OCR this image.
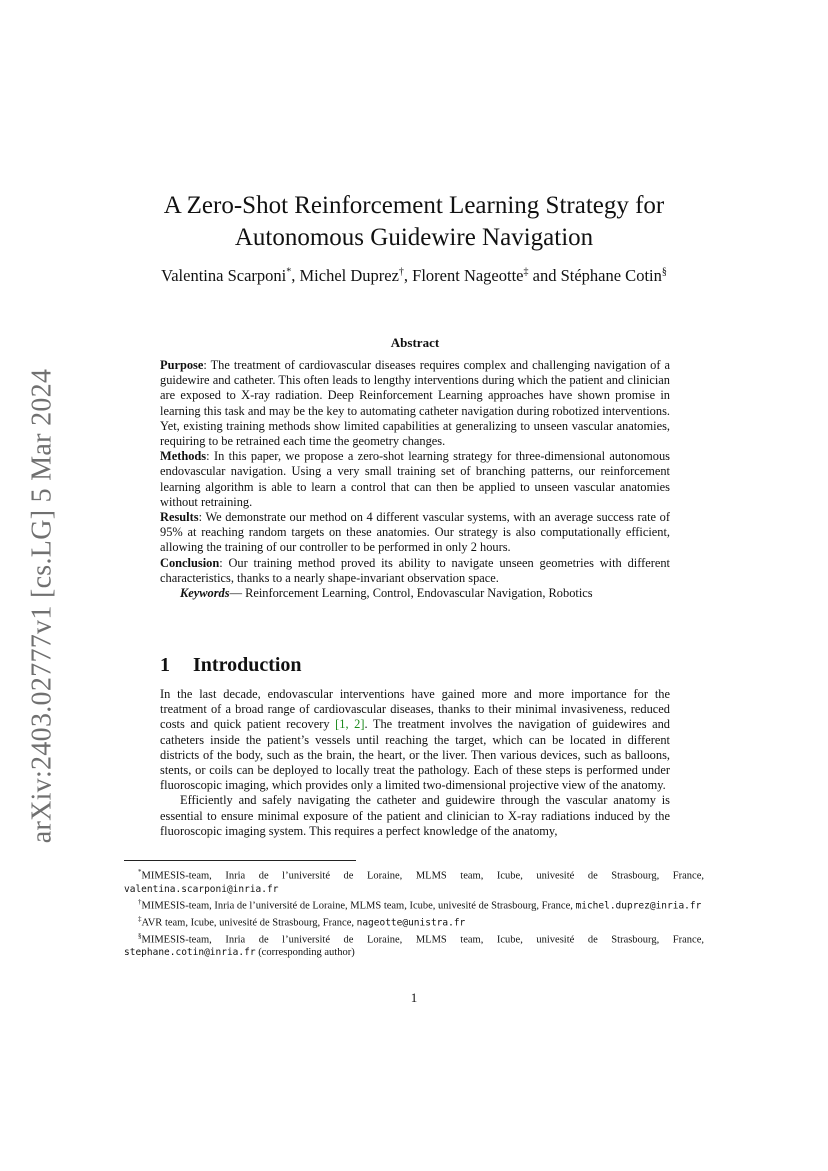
arXiv:2403.02777v1 [cs.LG] 5 Mar 2024
A Zero-Shot Reinforcement Learning Strategy for
Autonomous Guidewire Navigation
Valentina Scarponi*, Michel Duprez†, Florent Nageotte‡ and Stéphane Cotin§
Abstract

Purpose: The treatment of cardiovascular diseases requires complex and challenging navigation of a guidewire and catheter. This often leads to lengthy interventions during which the patient and clinician are exposed to X-ray radiation. Deep Reinforcement Learning approaches have shown promise in learning this task and may be the key to automating catheter navigation during robotized interventions. Yet, existing training methods show limited capabilities at generalizing to unseen vascular anatomies, requiring to be retrained each time the geometry changes.

Methods: In this paper, we propose a zero-shot learning strategy for three-dimensional autonomous endovascular navigation. Using a very small training set of branching patterns, our reinforcement learning algorithm is able to learn a control that can then be applied to unseen vascular anatomies without retraining.

Results: We demonstrate our method on 4 different vascular systems, with an average success rate of 95% at reaching random targets on these anatomies. Our strategy is also computationally efficient, allowing the training of our controller to be performed in only 2 hours.

Conclusion: Our training method proved its ability to navigate unseen geometries with different characteristics, thanks to a nearly shape-invariant observation space.

Keywords— Reinforcement Learning, Control, Endovascular Navigation, Robotics

1 Introduction

In the last decade, endovascular interventions have gained more and more importance for the treatment of a broad range of cardiovascular diseases, thanks to their minimal invasiveness, reduced costs and quick patient recovery [1, 2]. The treatment involves the navigation of guidewires and catheters inside the patient’s vessels until reaching the target, which can be located in different districts of the body, such as the brain, the heart, or the liver. Then various devices, such as balloons, stents, or coils can be deployed to locally treat the pathology. Each of these steps is performed under fluoroscopic imaging, which provides only a limited two-dimensional projective view of the anatomy.

Efficiently and safely navigating the catheter and guidewire through the vascular anatomy is essential to ensure minimal exposure of the patient and clinician to X-ray radiations induced by the fluoroscopic imaging system. This requires a perfect knowledge of the anatomy,

*MIMESIS-team, Inria de l’université de Loraine, MLMS team, Icube, univesité de Strasbourg, France, valentina.scarponi@inria.fr

†MIMESIS-team, Inria de l’université de Loraine, MLMS team, Icube, univesité de Strasbourg, France, michel.duprez@inria.fr

‡AVR team, Icube, univesité de Strasbourg, France, nageotte@unistra.fr

§MIMESIS-team, Inria de l’université de Loraine, MLMS team, Icube, univesité de Strasbourg, France, stephane.cotin@inria.fr (corresponding author)

1
